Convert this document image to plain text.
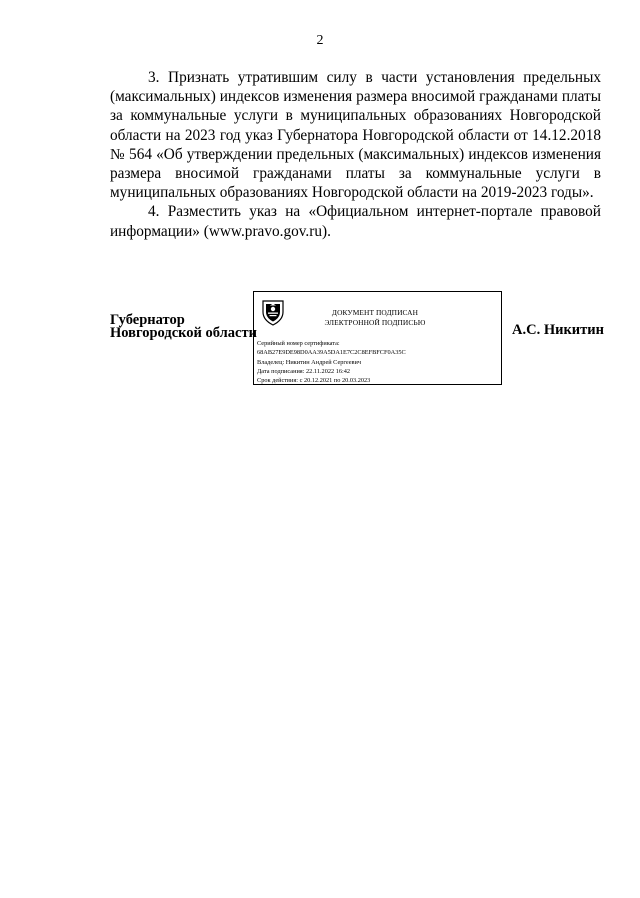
2

3. Признать утратившим силу в части установления предельных (максимальных) индексов изменения размера вносимой гражданами платы за коммунальные услуги в муниципальных образованиях Новгородской области на 2023 год указ Губернатора Новгородской области от 14.12.2018 № 564 «Об утверждении предельных (максимальных) индексов изменения размера вносимой гражданами платы за коммунальные услуги в муниципальных образованиях Новгородской области на 2019-2023 годы».

4. Разместить указ на «Официальном интернет-портале правовой информации» (www.pravo.gov.ru).

Губернатор
Новгородской области
ДОКУМЕНТ ПОДПИСАН
ЭЛЕКТРОННОЙ ПОДПИСЬЮ
Серийный номер сертификата:
68AB27E9DE98D0AA39A5DA1E7C2C8EFBFCF0A35C
Владелец: Никитин Андрей Сергеевич
Дата подписания: 22.11.2022 16:42
Срок действия: с 20.12.2021 по 20.03.2023
А.С. Никитин
